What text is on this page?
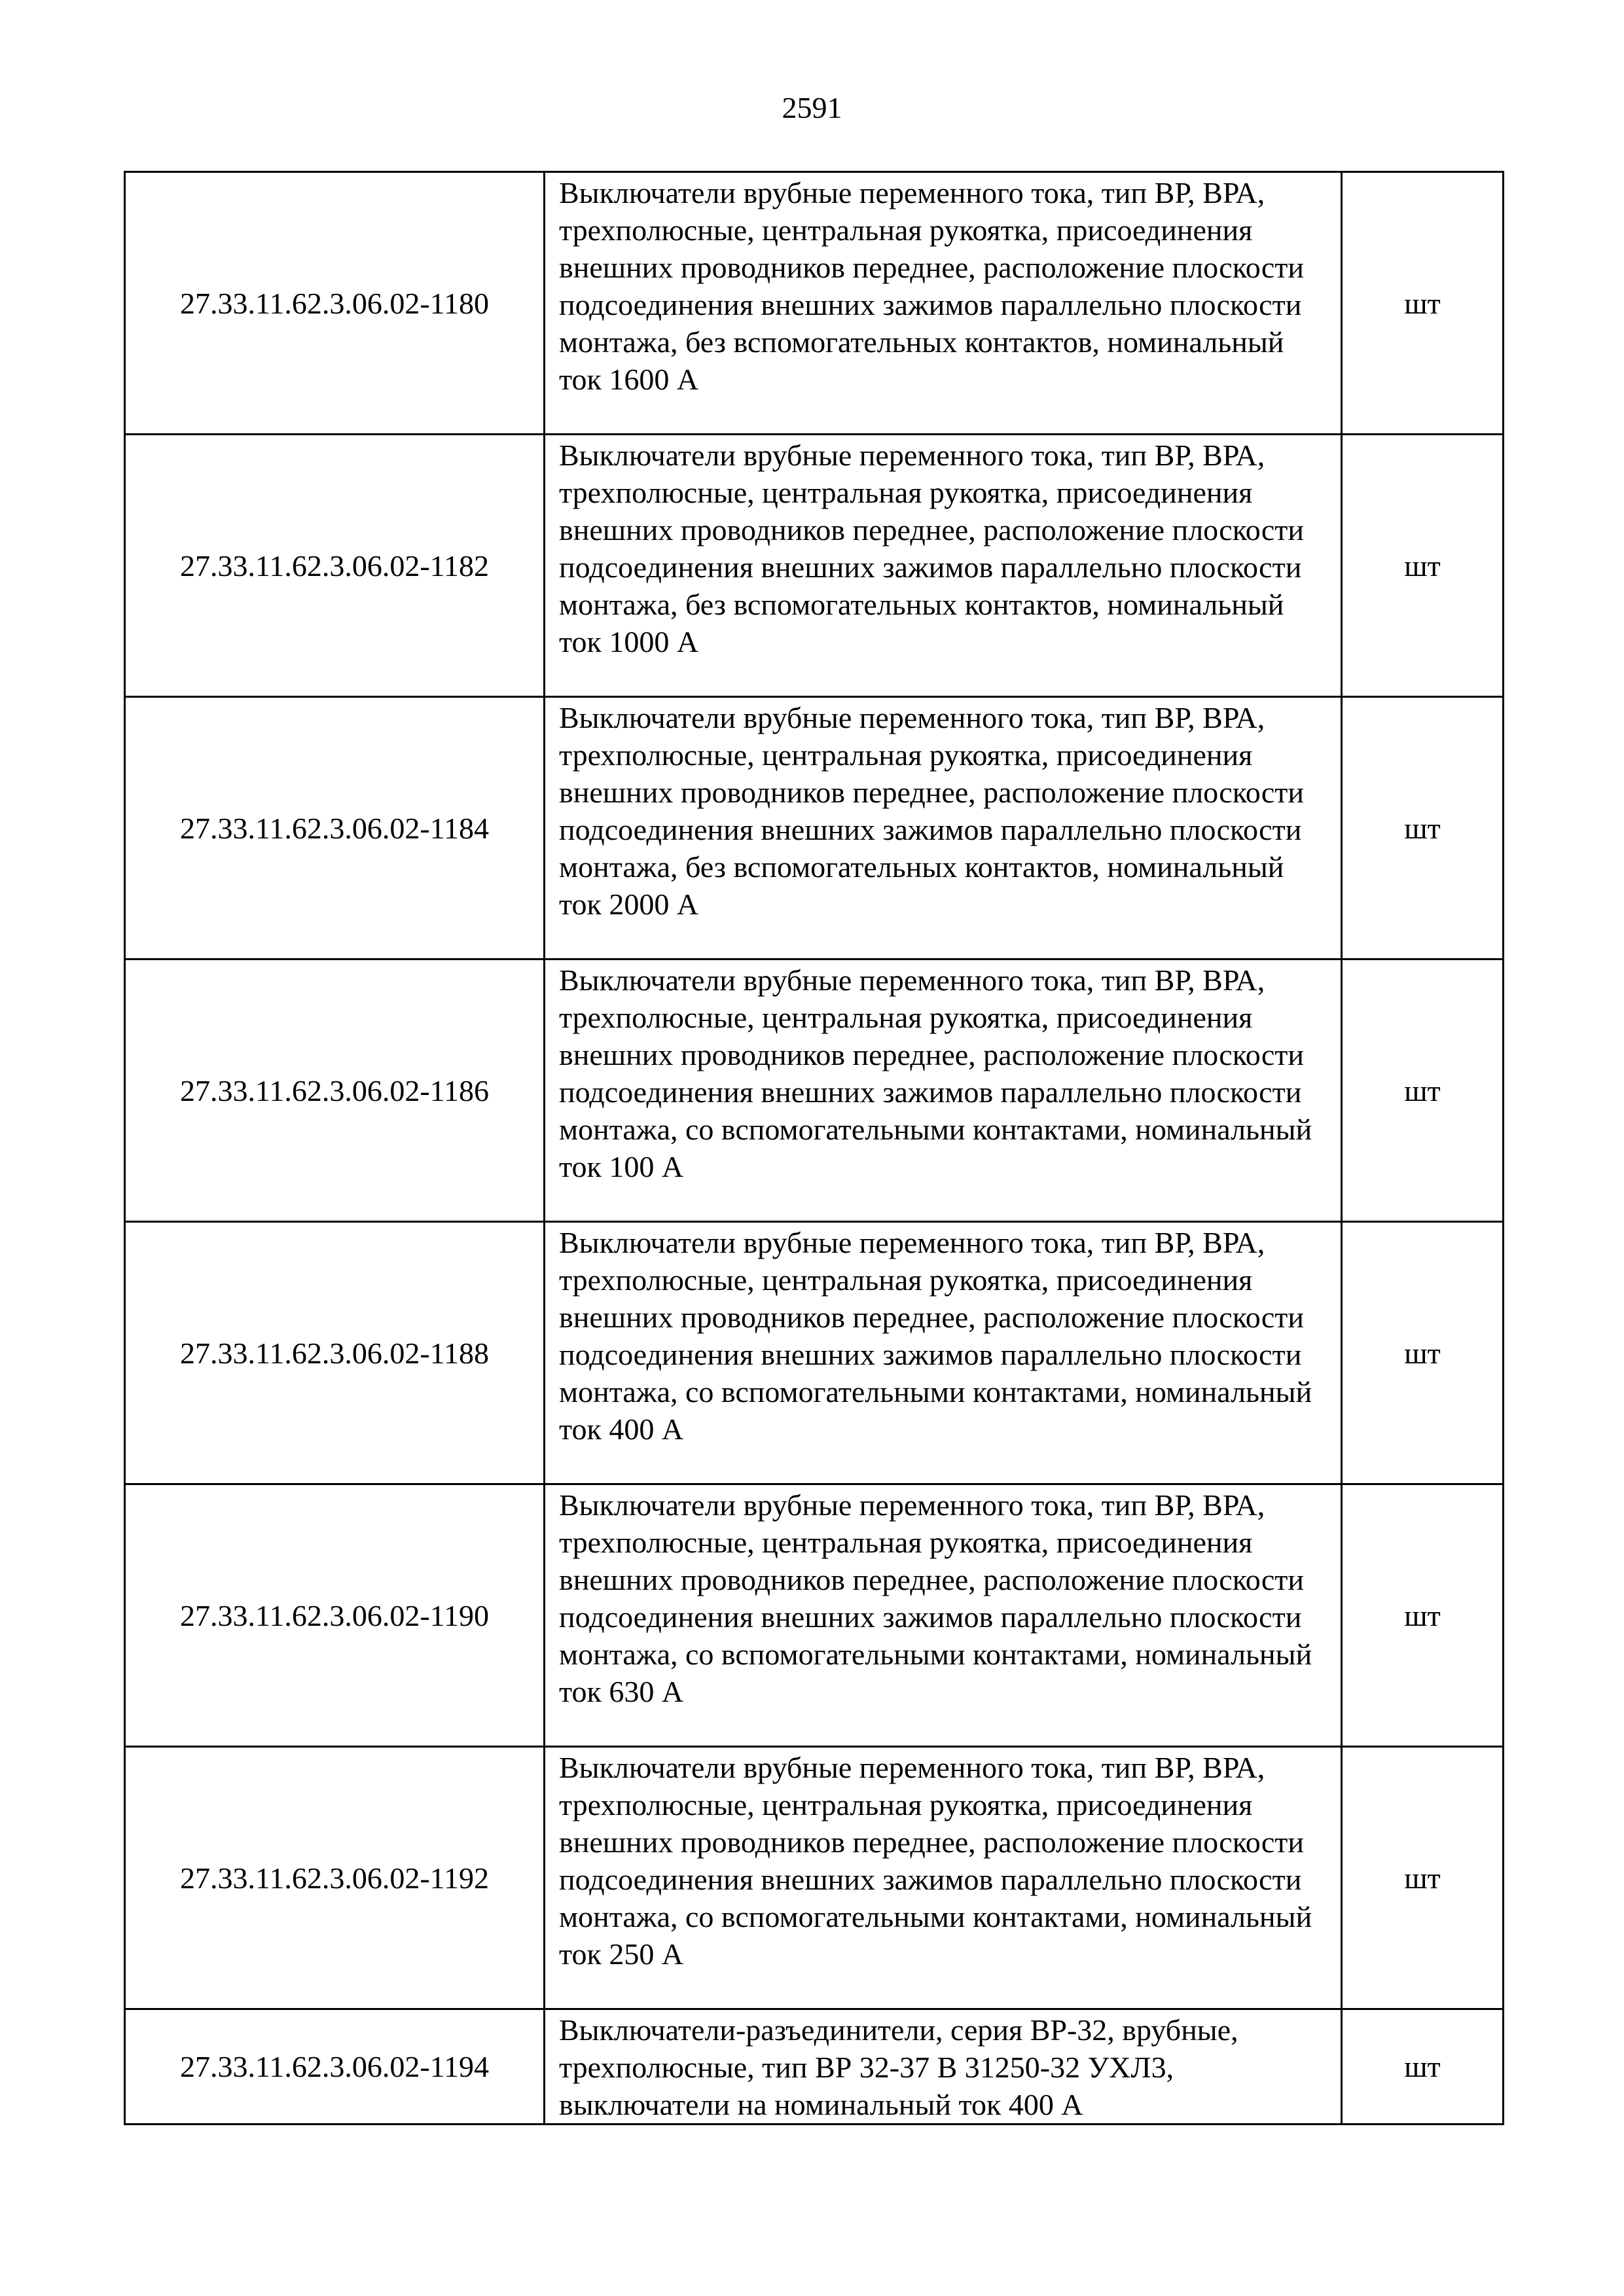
2591
27.33.11.62.3.06.02-1180	Выключатели врубные переменного тока, тип ВР, ВРА, трехполюсные, центральная рукоятка, присоединения внешних проводников переднее, расположение плоскости подсоединения внешних зажимов параллельно плоскости монтажа, без вспомогательных контактов, номинальный ток 1600 А	шт
27.33.11.62.3.06.02-1182	Выключатели врубные переменного тока, тип ВР, ВРА, трехполюсные, центральная рукоятка, присоединения внешних проводников переднее, расположение плоскости подсоединения внешних зажимов параллельно плоскости монтажа, без вспомогательных контактов, номинальный ток 1000 А	шт
27.33.11.62.3.06.02-1184	Выключатели врубные переменного тока, тип ВР, ВРА, трехполюсные, центральная рукоятка, присоединения внешних проводников переднее, расположение плоскости подсоединения внешних зажимов параллельно плоскости монтажа, без вспомогательных контактов, номинальный ток 2000 А	шт
27.33.11.62.3.06.02-1186	Выключатели врубные переменного тока, тип ВР, ВРА, трехполюсные, центральная рукоятка, присоединения внешних проводников переднее, расположение плоскости подсоединения внешних зажимов параллельно плоскости монтажа, со вспомогательными контактами, номинальный ток 100 А	шт
27.33.11.62.3.06.02-1188	Выключатели врубные переменного тока, тип ВР, ВРА, трехполюсные, центральная рукоятка, присоединения внешних проводников переднее, расположение плоскости подсоединения внешних зажимов параллельно плоскости монтажа, со вспомогательными контактами, номинальный ток 400 А	шт
27.33.11.62.3.06.02-1190	Выключатели врубные переменного тока, тип ВР, ВРА, трехполюсные, центральная рукоятка, присоединения внешних проводников переднее, расположение плоскости подсоединения внешних зажимов параллельно плоскости монтажа, со вспомогательными контактами, номинальный ток 630 А	шт
27.33.11.62.3.06.02-1192	Выключатели врубные переменного тока, тип ВР, ВРА, трехполюсные, центральная рукоятка, присоединения внешних проводников переднее, расположение плоскости подсоединения внешних зажимов параллельно плоскости монтажа, со вспомогательными контактами, номинальный ток 250 А	шт
27.33.11.62.3.06.02-1194	Выключатели-разъединители, серия ВР-32, врубные, трехполюсные, тип ВР 32-37 В 31250-32 УХЛ3, выключатели на номинальный ток 400 А	шт
